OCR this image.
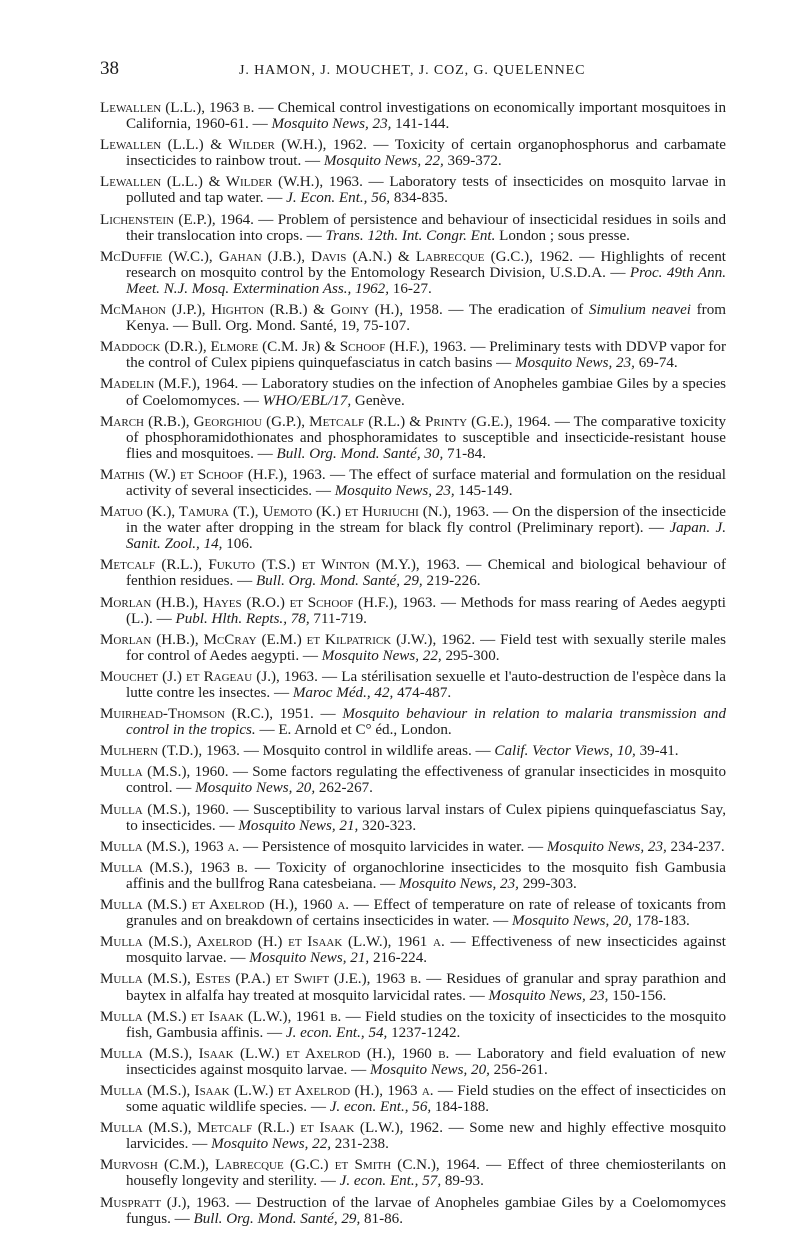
38	J. HAMON, J. MOUCHET, J. COZ, G. QUELENNEC

Lewallen (L.L.), 1963 b. — Chemical control investigations on economically important mosquitoes in California, 1960-61. — Mosquito News, 23, 141-144.

Lewallen (L.L.) & Wilder (W.H.), 1962. — Toxicity of certain organophosphorus and carbamate insecticides to rainbow trout. — Mosquito News, 22, 369-372.

Lewallen (L.L.) & Wilder (W.H.), 1963. — Laboratory tests of insecticides on mosquito larvae in polluted and tap water. — J. Econ. Ent., 56, 834-835.

Lichenstein (E.P.), 1964. — Problem of persistence and behaviour of insecticidal residues in soils and their translocation into crops. — Trans. 12th. Int. Congr. Ent. London ; sous presse.

McDuffie (W.C.), Gahan (J.B.), Davis (A.N.) & Labrecque (G.C.), 1962. — Highlights of recent research on mosquito control by the Entomology Research Division, U.S.D.A. — Proc. 49th Ann. Meet. N.J. Mosq. Extermination Ass., 1962, 16-27.

McMahon (J.P.), Highton (R.B.) & Goiny (H.), 1958. — The eradication of Simulium neavei from Kenya. — Bull. Org. Mond. Santé, 19, 75-107.

Maddock (D.R.), Elmore (C.M. Jr) & Schoof (H.F.), 1963. — Preliminary tests with DDVP vapor for the control of Culex pipiens quinquefasciatus in catch basins — Mosquito News, 23, 69-74.

Madelin (M.F.), 1964. — Laboratory studies on the infection of Anopheles gambiae Giles by a species of Coelomomyces. — WHO/EBL/17, Genève.

March (R.B.), Georghiou (G.P.), Metcalf (R.L.) & Printy (G.E.), 1964. — The comparative toxicity of phosphoramidothionates and phosphoramidates to susceptible and insecticide-resistant house flies and mosquitoes. — Bull. Org. Mond. Santé, 30, 71-84.

Mathis (W.) et Schoof (H.F.), 1963. — The effect of surface material and formulation on the residual activity of several insecticides. — Mosquito News, 23, 145-149.

Matuo (K.), Tamura (T.), Uemoto (K.) et Huriuchi (N.), 1963. — On the dispersion of the insecticide in the water after dropping in the stream for black fly control (Preliminary report). — Japan. J. Sanit. Zool., 14, 106.

Metcalf (R.L.), Fukuto (T.S.) et Winton (M.Y.), 1963. — Chemical and biological behaviour of fenthion residues. — Bull. Org. Mond. Santé, 29, 219-226.

Morlan (H.B.), Hayes (R.O.) et Schoof (H.F.), 1963. — Methods for mass rearing of Aedes aegypti (L.). — Publ. Hlth. Repts., 78, 711-719.

Morlan (H.B.), McCray (E.M.) et Kilpatrick (J.W.), 1962. — Field test with sexually sterile males for control of Aedes aegypti. — Mosquito News, 22, 295-300.

Mouchet (J.) et Rageau (J.), 1963. — La stérilisation sexuelle et l'auto-destruction de l'espèce dans la lutte contre les insectes. — Maroc Méd., 42, 474-487.

Muirhead-Thomson (R.C.), 1951. — Mosquito behaviour in relation to malaria transmission and control in the tropics. — E. Arnold et C° éd., London.

Mulhern (T.D.), 1963. — Mosquito control in wildlife areas. — Calif. Vector Views, 10, 39-41.

Mulla (M.S.), 1960. — Some factors regulating the effectiveness of granular insecticides in mosquito control. — Mosquito News, 20, 262-267.

Mulla (M.S.), 1960. — Susceptibility to various larval instars of Culex pipiens quinquefasciatus Say, to insecticides. — Mosquito News, 21, 320-323.

Mulla (M.S.), 1963 a. — Persistence of mosquito larvicides in water. — Mosquito News, 23, 234-237.

Mulla (M.S.), 1963 b. — Toxicity of organochlorine insecticides to the mosquito fish Gambusia affinis and the bullfrog Rana catesbeiana. — Mosquito News, 23, 299-303.

Mulla (M.S.) et Axelrod (H.), 1960 a. — Effect of temperature on rate of release of toxicants from granules and on breakdown of certains insecticides in water. — Mosquito News, 20, 178-183.

Mulla (M.S.), Axelrod (H.) et Isaak (L.W.), 1961 a. — Effectiveness of new insecticides against mosquito larvae. — Mosquito News, 21, 216-224.

Mulla (M.S.), Estes (P.A.) et Swift (J.E.), 1963 b. — Residues of granular and spray parathion and baytex in alfalfa hay treated at mosquito larvicidal rates. — Mosquito News, 23, 150-156.

Mulla (M.S.) et Isaak (L.W.), 1961 b. — Field studies on the toxicity of insecticides to the mosquito fish, Gambusia affinis. — J. econ. Ent., 54, 1237-1242.

Mulla (M.S.), Isaak (L.W.) et Axelrod (H.), 1960 b. — Laboratory and field evaluation of new insecticides against mosquito larvae. — Mosquito News, 20, 256-261.

Mulla (M.S.), Isaak (L.W.) et Axelrod (H.), 1963 a. — Field studies on the effect of insecticides on some aquatic wildlife species. — J. econ. Ent., 56, 184-188.

Mulla (M.S.), Metcalf (R.L.) et Isaak (L.W.), 1962. — Some new and highly effective mosquito larvicides. — Mosquito News, 22, 231-238.

Murvosh (C.M.), Labrecque (G.C.) et Smith (C.N.), 1964. — Effect of three chemiosterilants on housefly longevity and sterility. — J. econ. Ent., 57, 89-93.

Muspratt (J.), 1963. — Destruction of the larvae of Anopheles gambiae Giles by a Coelomomyces fungus. — Bull. Org. Mond. Santé, 29, 81-86.
